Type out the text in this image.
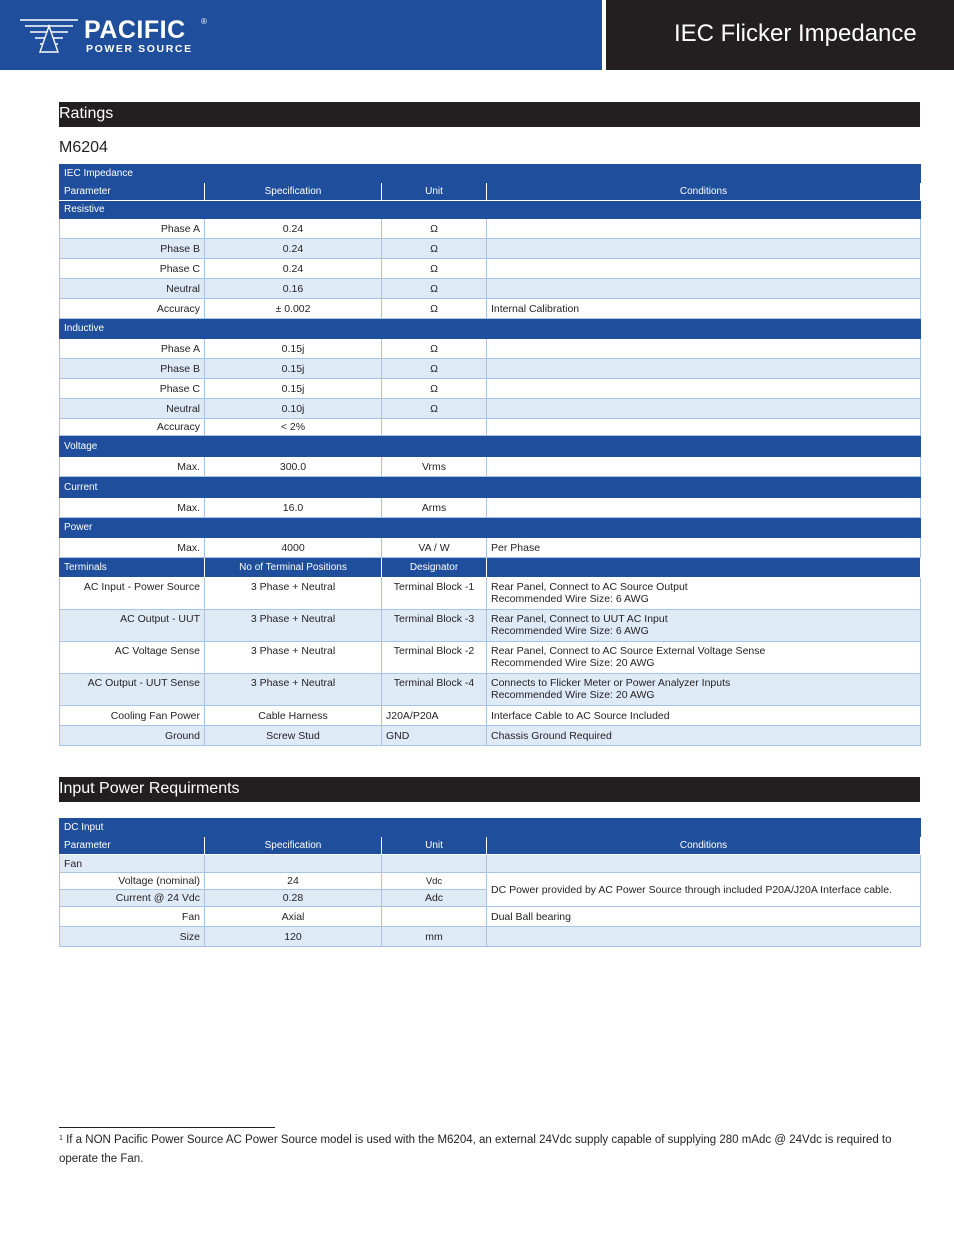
PACIFIC ®
POWER SOURCE
IEC Flicker Impedance
Ratings
M6204
IEC Impedance			
Parameter	Specification	Unit	Conditions
Resistive			
Phase A	0.24	Ω	
Phase B	0.24	Ω	
Phase C	0.24	Ω	
Neutral	0.16	Ω	
Accuracy	± 0.002	Ω	Internal Calibration
Inductive			
Phase A	0.15j	Ω	
Phase B	0.15j	Ω	
Phase C	0.15j	Ω	
Neutral	0.10j	Ω	
Accuracy	< 2%		
Voltage			
Max.	300.0	Vrms	
Current			
Max.	16.0	Arms	
Power			
Max.	4000	VA / W	Per Phase
Terminals	No of Terminal Positions	Designator	
AC Input - Power Source	3 Phase + Neutral	Terminal Block -1	Rear Panel, Connect to AC Source Output
Recommended Wire Size: 6 AWG

AC Output - UUT	3 Phase + Neutral	Terminal Block -3	Rear Panel, Connect to UUT AC Input
Recommended Wire Size: 6 AWG

AC Voltage Sense	3 Phase + Neutral	Terminal Block -2	Rear Panel, Connect to AC Source External Voltage Sense
Recommended Wire Size: 20 AWG

AC Output - UUT Sense	3 Phase + Neutral	Terminal Block -4	Connects to Flicker Meter or Power Analyzer Inputs
Recommended Wire Size: 20 AWG

Cooling Fan Power	Cable Harness	J20A/P20A	Interface Cable to AC Source Included
Ground	Screw Stud	GND	Chassis Ground Required
Input Power Requirments
DC Input			
Parameter	Specification	Unit	Conditions
Fan			
Voltage (nominal)	24	Vdc	DC Power provided by AC Power Source through included P20A/J20A Interface cable.
Current @ 24 Vdc	0.28	Adc	
Fan	Axial		Dual Ball bearing
Size	120	mm	
$^1$ If a NON Pacific Power Source AC Power Source model is used with the M6204, an external 24Vdc supply capable of supplying 280 mAdc @ 24Vdc is required to operate the Fan.
